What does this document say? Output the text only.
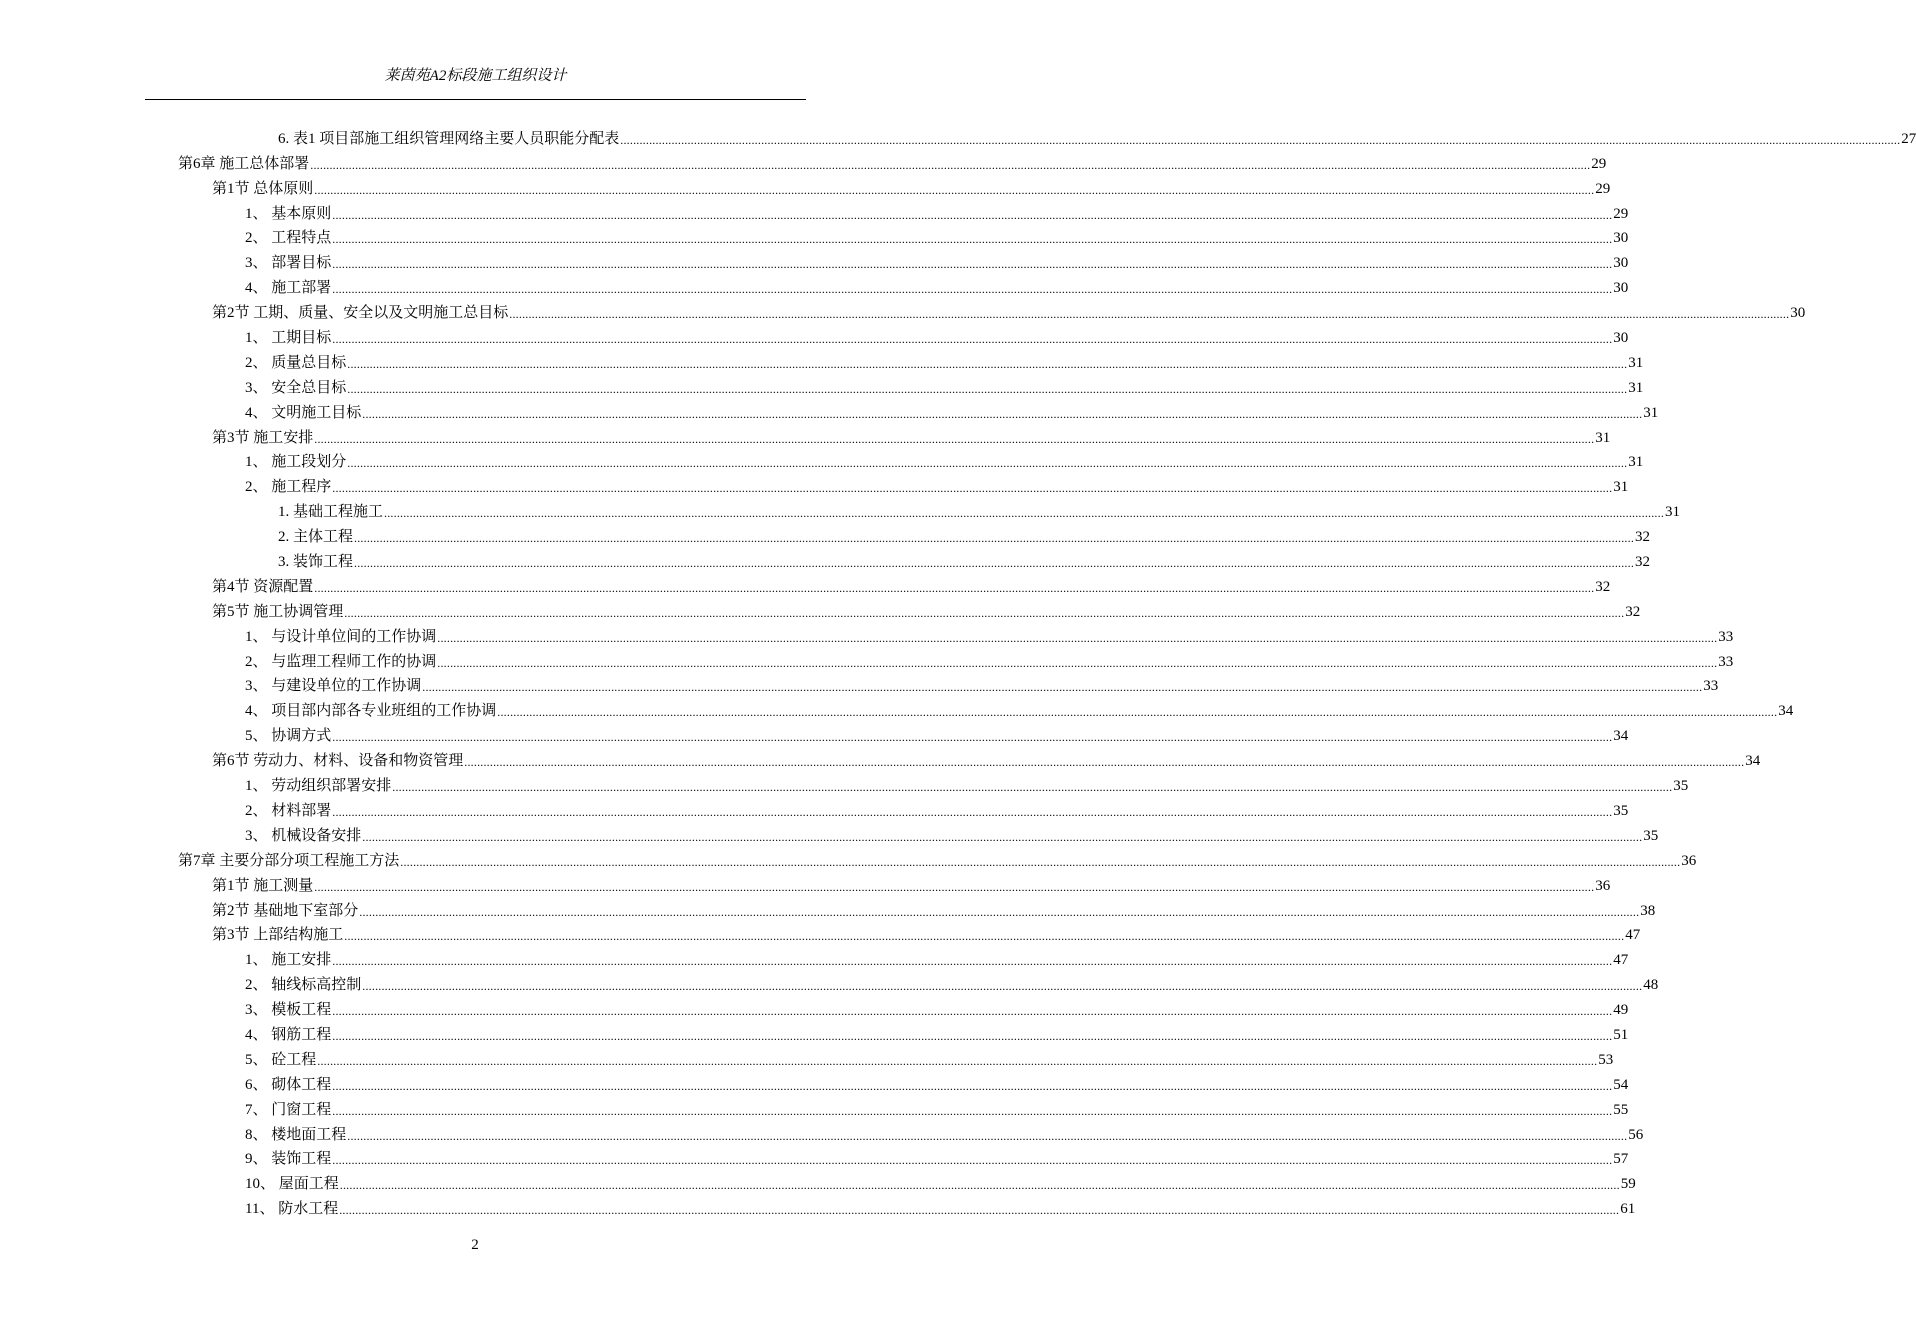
莱茵苑A2标段施工组织设计
6. 表1 项目部施工组织管理网络主要人员职能分配表 ................................................................................................................................................................................................................................................................................................................................................................................................................ 27
第6章 施工总体部署 ................................................................................................................................................................................................................................................................................................................................................................................................................ 29
第1节 总体原则 ................................................................................................................................................................................................................................................................................................................................................................................................................ 29
1、 基本原则 ................................................................................................................................................................................................................................................................................................................................................................................................................ 29
2、 工程特点 ................................................................................................................................................................................................................................................................................................................................................................................................................ 30
3、 部署目标 ................................................................................................................................................................................................................................................................................................................................................................................................................ 30
4、 施工部署 ................................................................................................................................................................................................................................................................................................................................................................................................................ 30
第2节 工期、质量、安全以及文明施工总目标 ................................................................................................................................................................................................................................................................................................................................................................................................................ 30
1、 工期目标 ................................................................................................................................................................................................................................................................................................................................................................................................................ 30
2、 质量总目标 ................................................................................................................................................................................................................................................................................................................................................................................................................ 31
3、 安全总目标 ................................................................................................................................................................................................................................................................................................................................................................................................................ 31
4、 文明施工目标 ................................................................................................................................................................................................................................................................................................................................................................................................................ 31
第3节 施工安排 ................................................................................................................................................................................................................................................................................................................................................................................................................ 31
1、 施工段划分 ................................................................................................................................................................................................................................................................................................................................................................................................................ 31
2、 施工程序 ................................................................................................................................................................................................................................................................................................................................................................................................................ 31
1. 基础工程施工 ................................................................................................................................................................................................................................................................................................................................................................................................................ 31
2. 主体工程 ................................................................................................................................................................................................................................................................................................................................................................................................................ 32
3. 装饰工程 ................................................................................................................................................................................................................................................................................................................................................................................................................ 32
第4节 资源配置 ................................................................................................................................................................................................................................................................................................................................................................................................................ 32
第5节 施工协调管理 ................................................................................................................................................................................................................................................................................................................................................................................................................ 32
1、 与设计单位间的工作协调 ................................................................................................................................................................................................................................................................................................................................................................................................................ 33
2、 与监理工程师工作的协调 ................................................................................................................................................................................................................................................................................................................................................................................................................ 33
3、 与建设单位的工作协调 ................................................................................................................................................................................................................................................................................................................................................................................................................ 33
4、 项目部内部各专业班组的工作协调 ................................................................................................................................................................................................................................................................................................................................................................................................................ 34
5、 协调方式 ................................................................................................................................................................................................................................................................................................................................................................................................................ 34
第6节 劳动力、材料、设备和物资管理 ................................................................................................................................................................................................................................................................................................................................................................................................................ 34
1、 劳动组织部署安排 ................................................................................................................................................................................................................................................................................................................................................................................................................ 35
2、 材料部署 ................................................................................................................................................................................................................................................................................................................................................................................................................ 35
3、 机械设备安排 ................................................................................................................................................................................................................................................................................................................................................................................................................ 35
第7章 主要分部分项工程施工方法 ................................................................................................................................................................................................................................................................................................................................................................................................................ 36
第1节 施工测量 ................................................................................................................................................................................................................................................................................................................................................................................................................ 36
第2节 基础地下室部分 ................................................................................................................................................................................................................................................................................................................................................................................................................ 38
第3节 上部结构施工 ................................................................................................................................................................................................................................................................................................................................................................................................................ 47
1、 施工安排 ................................................................................................................................................................................................................................................................................................................................................................................................................ 47
2、 轴线标高控制 ................................................................................................................................................................................................................................................................................................................................................................................................................ 48
3、 模板工程 ................................................................................................................................................................................................................................................................................................................................................................................................................ 49
4、 钢筋工程 ................................................................................................................................................................................................................................................................................................................................................................................................................ 51
5、 砼工程 ................................................................................................................................................................................................................................................................................................................................................................................................................ 53
6、 砌体工程 ................................................................................................................................................................................................................................................................................................................................................................................................................ 54
7、 门窗工程 ................................................................................................................................................................................................................................................................................................................................................................................................................ 55
8、 楼地面工程 ................................................................................................................................................................................................................................................................................................................................................................................................................ 56
9、 装饰工程 ................................................................................................................................................................................................................................................................................................................................................................................................................ 57
10、 屋面工程 ................................................................................................................................................................................................................................................................................................................................................................................................................ 59
11、 防水工程 ................................................................................................................................................................................................................................................................................................................................................................................................................ 61
2
